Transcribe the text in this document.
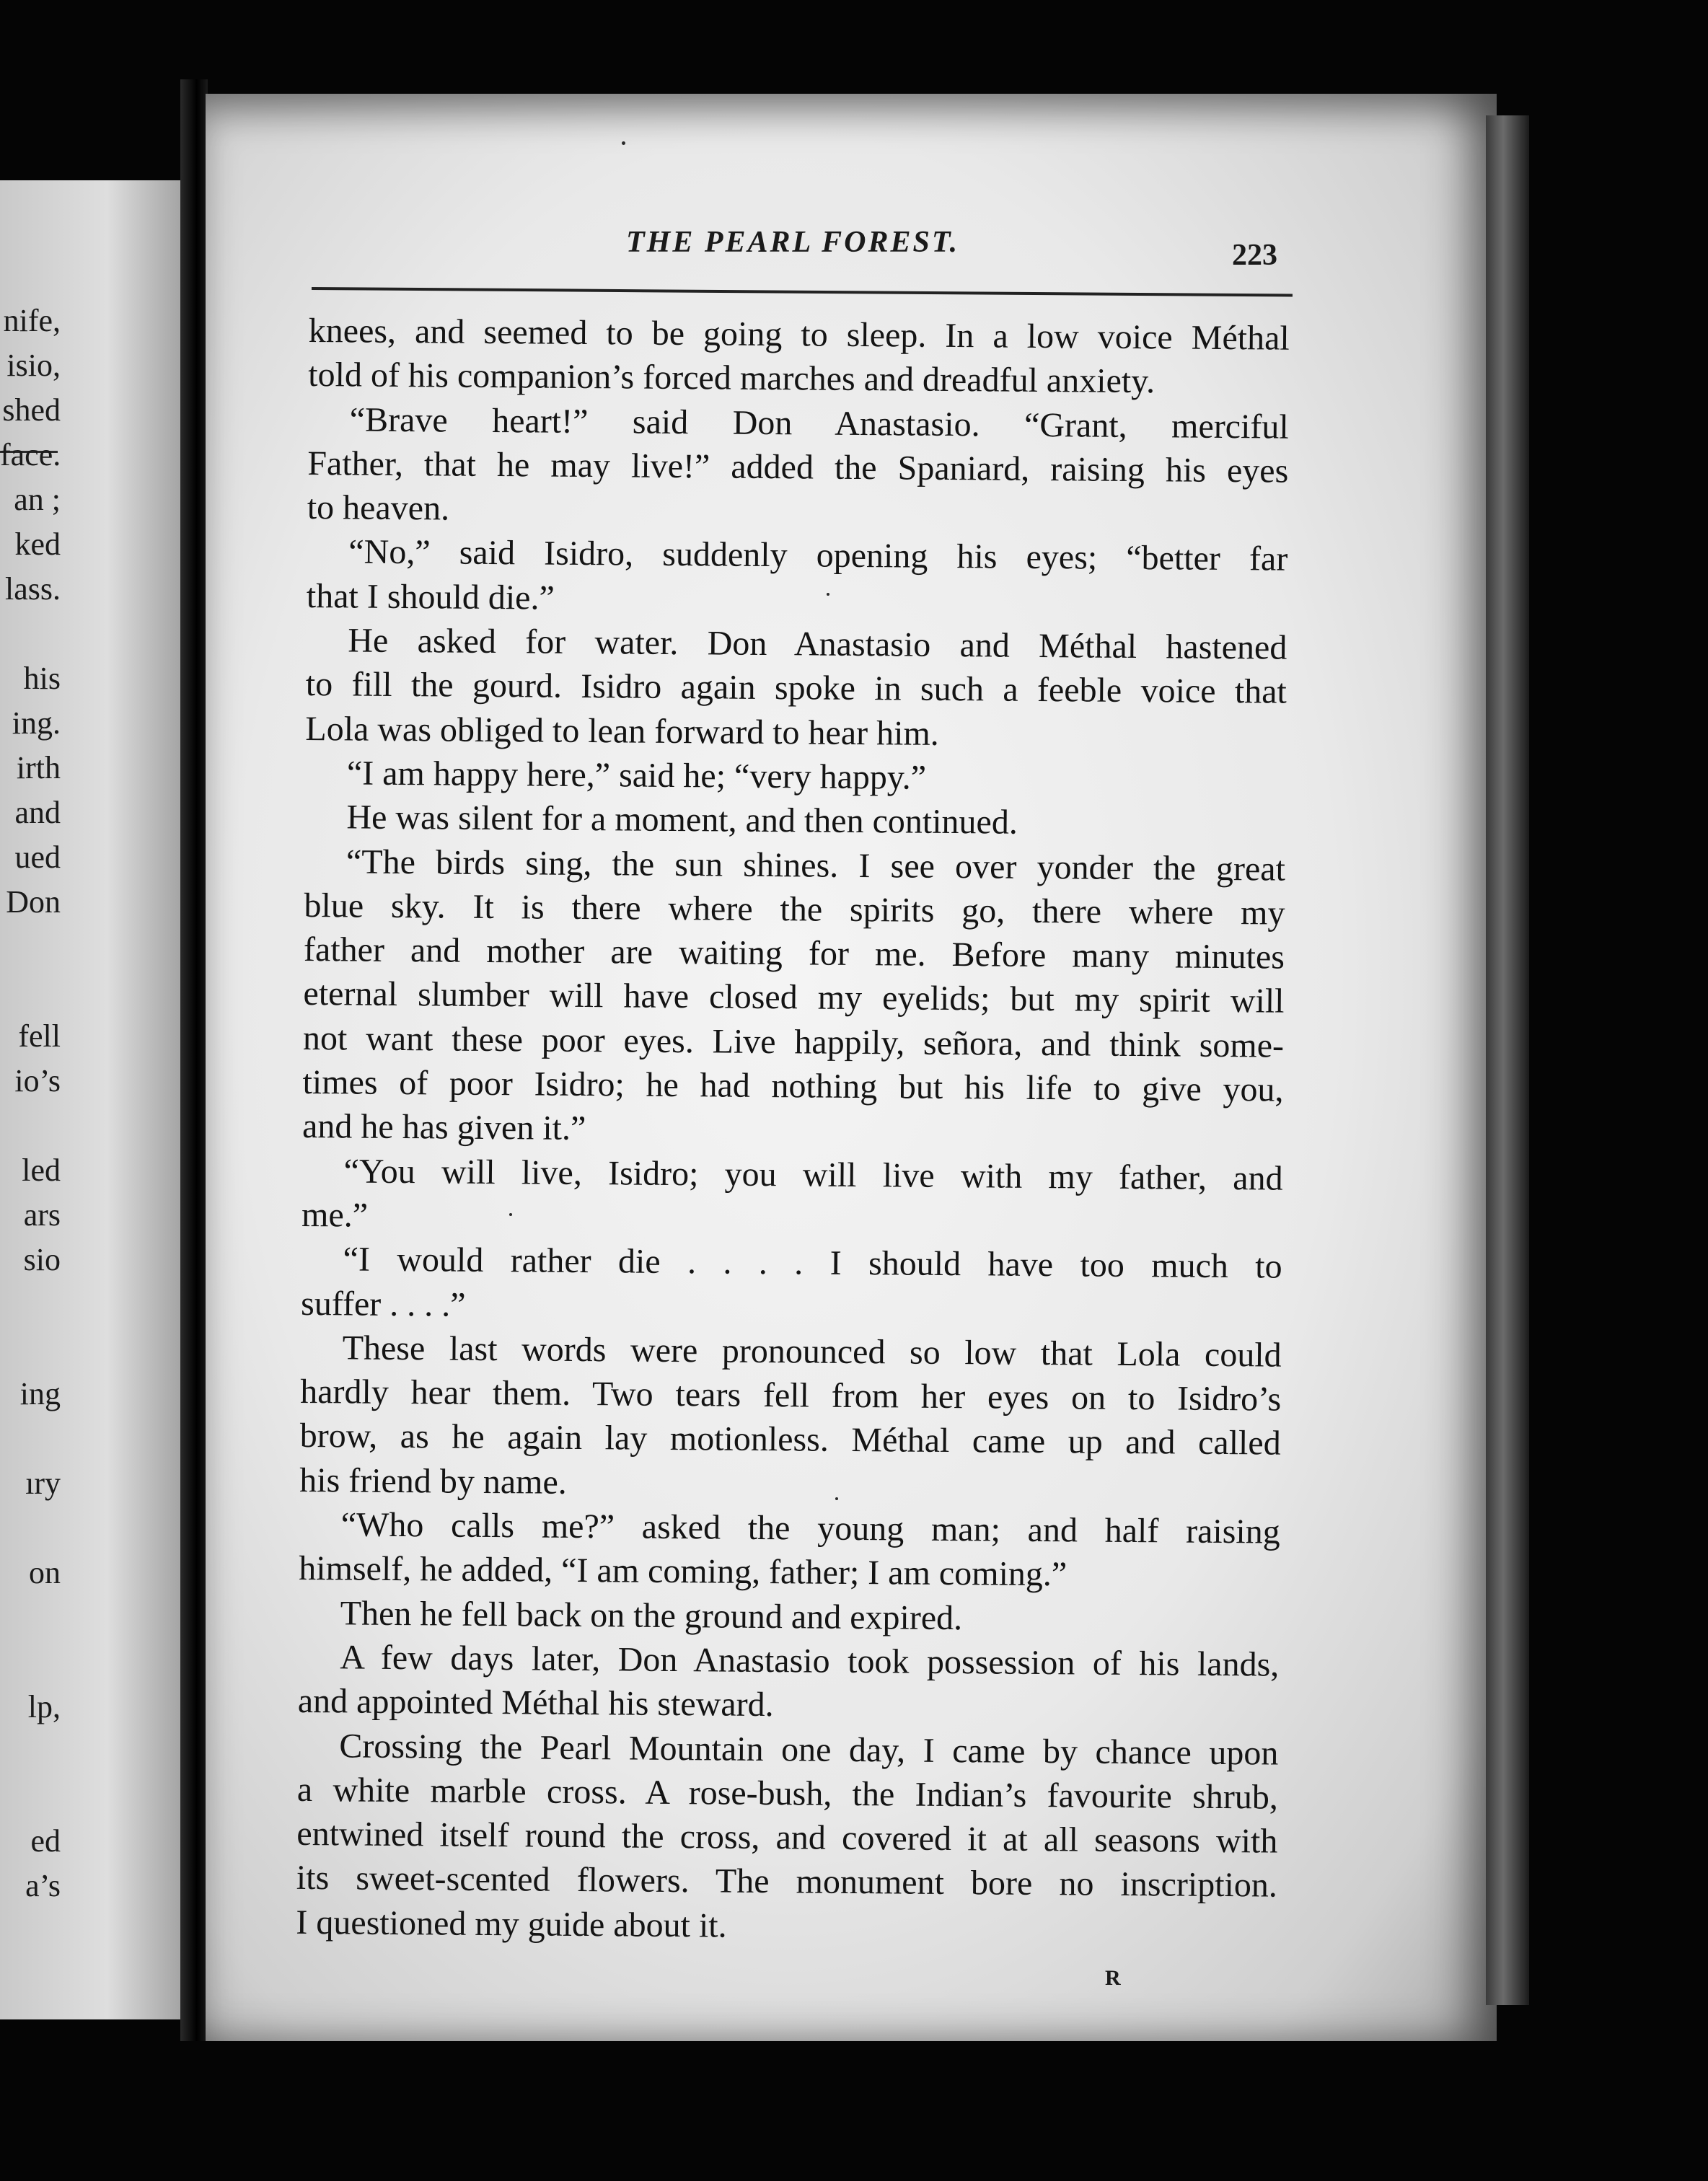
nife,
isio,
shed
face.
an ;
ked
lass.
his
ing.
irth
and
ued
Don
fell
io’s
led
ars
sio
ing
ıry
on
lp,
ed
a’s
THE PEARL FOREST.	223
knees, and seemed to be going to sleep. In a low voice Méthal
told of his companion’s forced marches and dreadful anxiety.
“Brave heart!” said Don Anastasio. “Grant, merciful
Father, that he may live!” added the Spaniard, raising his eyes
to heaven.
“No,” said Isidro, suddenly opening his eyes; “better far
that I should die.”
He asked for water. Don Anastasio and Méthal hastened
to fill the gourd. Isidro again spoke in such a feeble voice that
Lola was obliged to lean forward to hear him.
“I am happy here,” said he; “very happy.”
He was silent for a moment, and then continued.
“The birds sing, the sun shines. I see over yonder the great
blue sky. It is there where the spirits go, there where my
father and mother are waiting for me. Before many minutes
eternal slumber will have closed my eyelids; but my spirit will
not want these poor eyes. Live happily, señora, and think some-
times of poor Isidro; he had nothing but his life to give you,
and he has given it.”
“You will live, Isidro; you will live with my father, and
me.”
“I would rather die . . . . I should have too much to
suffer . . . .”
These last words were pronounced so low that Lola could
hardly hear them. Two tears fell from her eyes on to Isidro’s
brow, as he again lay motionless. Méthal came up and called
his friend by name.
“Who calls me?” asked the young man; and half raising
himself, he added, “I am coming, father; I am coming.”
Then he fell back on the ground and expired.
A few days later, Don Anastasio took possession of his lands,
and appointed Méthal his steward.
Crossing the Pearl Mountain one day, I came by chance upon
a white marble cross. A rose-bush, the Indian’s favourite shrub,
entwined itself round the cross, and covered it at all seasons with
its sweet-scented flowers. The monument bore no inscription.
I questioned my guide about it.
R
